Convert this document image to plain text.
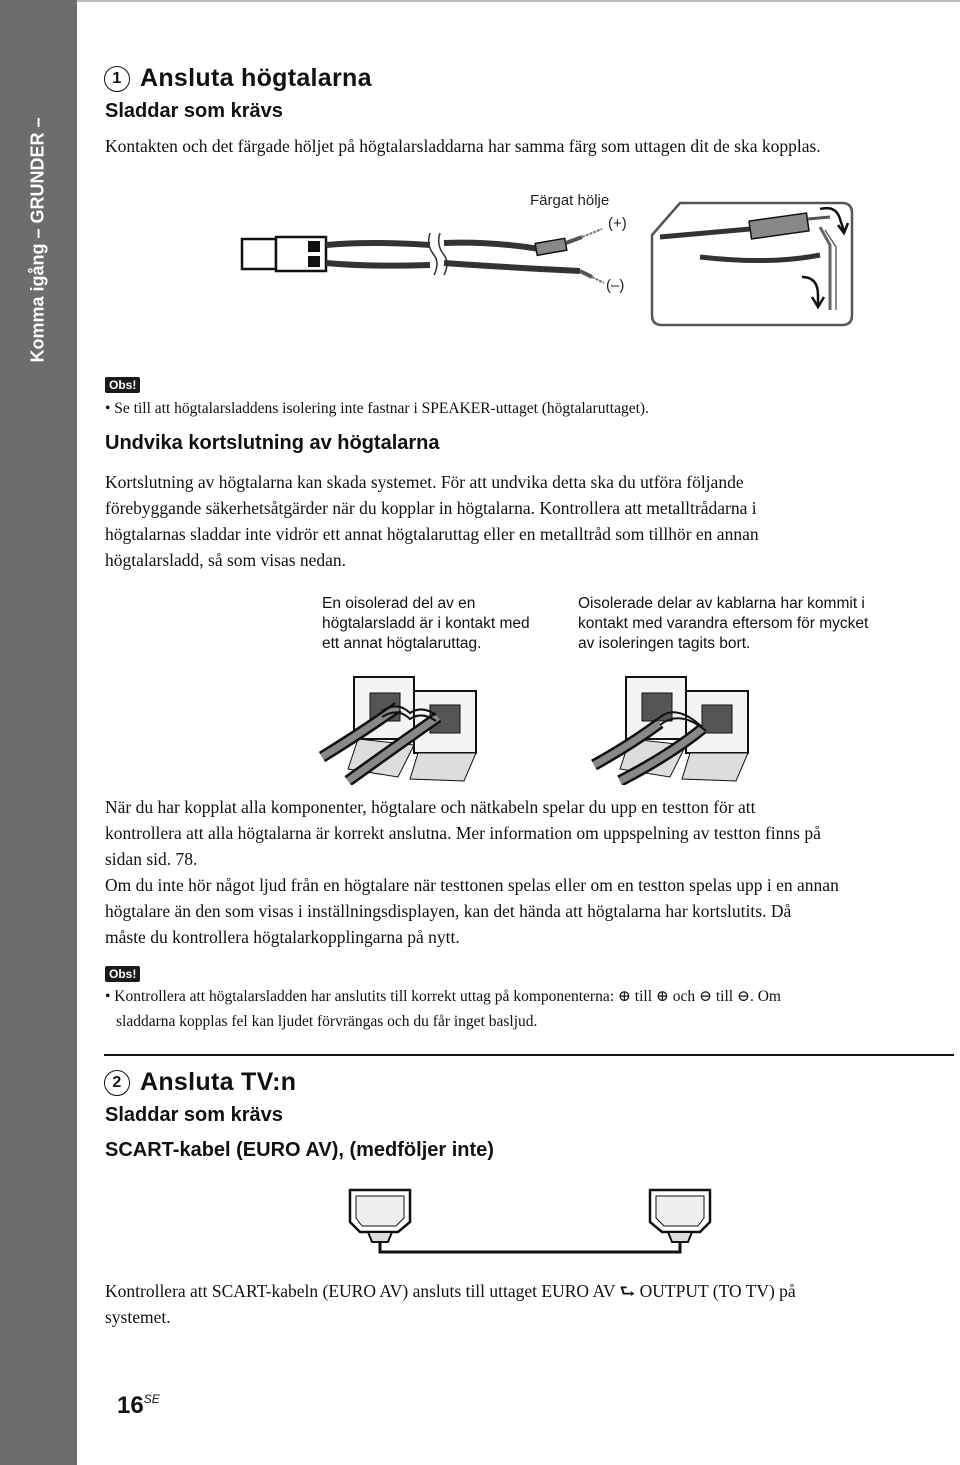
Komma igång – GRUNDER –
1 Ansluta högtalarna
Sladdar som krävs
Kontakten och det färgade höljet på högtalarsladdarna har samma färg som uttagen dit de ska kopplas.
Färgat hölje
(+)
(–)
Obs!
• Se till att högtalarsladdens isolering inte fastnar i SPEAKER-uttaget (högtalaruttaget).
Undvika kortslutning av högtalarna
Kortslutning av högtalarna kan skada systemet. För att undvika detta ska du utföra följande
förebyggande säkerhetsåtgärder när du kopplar in högtalarna. Kontrollera att metalltrådarna i
högtalarnas sladdar inte vidrör ett annat högtalaruttag eller en metalltråd som tillhör en annan
högtalarsladd, så som visas nedan.
En oisolerad del av en
högtalarsladd är i kontakt med
ett annat högtalaruttag.
Oisolerade delar av kablarna har kommit i
kontakt med varandra eftersom för mycket
av isoleringen tagits bort.
När du har kopplat alla komponenter, högtalare och nätkabeln spelar du upp en testton för att
kontrollera att alla högtalarna är korrekt anslutna. Mer information om uppspelning av testton finns på
sidan sid. 78.
Om du inte hör något ljud från en högtalare när testtonen spelas eller om en testton spelas upp i en annan
högtalare än den som visas i inställningsdisplayen, kan det hända att högtalarna har kortslutits. Då
måste du kontrollera högtalarkopplingarna på nytt.
Obs!
• Kontrollera att högtalarsladden har anslutits till korrekt uttag på komponenterna: ⊕ till ⊕ och ⊖ till ⊖. Om
sladdarna kopplas fel kan ljudet förvrängas och du får inget basljud.
2 Ansluta TV:n
Sladdar som krävs
SCART-kabel (EURO AV), (medföljer inte)
Kontrollera att SCART-kabeln (EURO AV) ansluts till uttaget EURO AV ⮑ OUTPUT (TO TV) på
systemet.
$16^{SE}$
